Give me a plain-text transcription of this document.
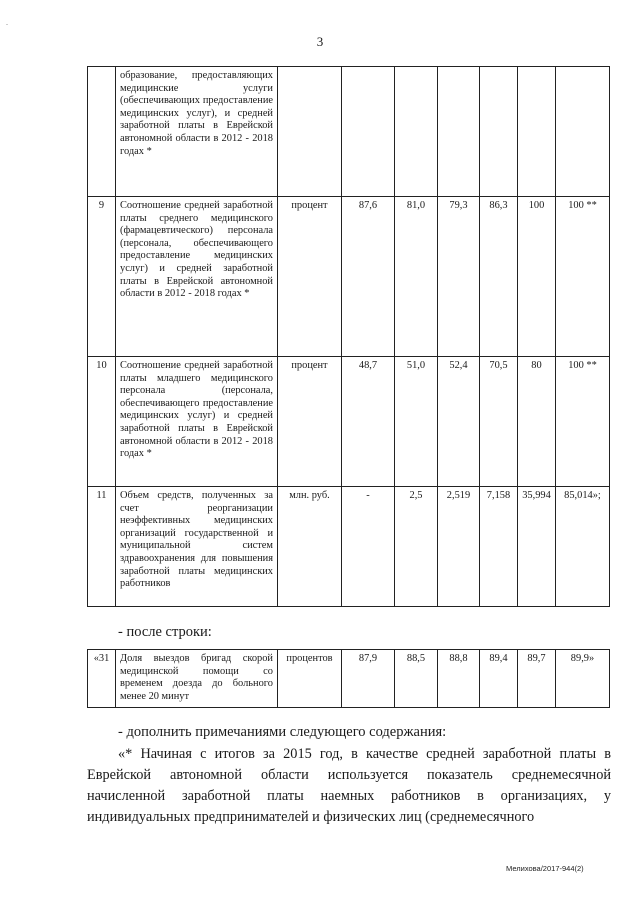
-
3
	образование, предоставляющих медицинские услуги (обеспечивающих предоставление медицинских услуг), и средней заработной платы в Еврейской автономной области в 2012 - 2018 годах *							
9	Соотношение средней заработной платы среднего медицинского (фармацевтического) персонала (персонала, обеспечивающего предоставление медицинских услуг) и средней заработной платы в Еврейской автономной области в 2012 - 2018 годах *	процент	87,6	81,0	79,3	86,3	100	100 **
10	Соотношение средней заработной платы младшего медицинского персонала (персонала, обеспечивающего предоставление медицинских услуг) и средней заработной платы в Еврейской автономной области в 2012 - 2018 годах *	процент	48,7	51,0	52,4	70,5	80	100 **
11	Объем средств, полученных за счет реорганизации неэффективных медицинских организаций государственной и муниципальной систем здравоохранения для повышения заработной платы медицинских работников	млн. руб.	-	2,5	2,519	7,158	35,994	85,014»;
- после строки:
«31	Доля выездов бригад скорой медицинской помощи со временем доезда до больного менее 20 минут	процентов	87,9	88,5	88,8	89,4	89,7	89,9»
- дополнить примечаниями следующего содержания:
«* Начиная с итогов за 2015 год, в качестве средней заработной платы в Еврейской автономной области используется показатель среднемесячной начисленной заработной платы наемных работников в организациях, у индивидуальных предпринимателей и физических лиц (среднемесячного
Мелихова/2017-944(2)
